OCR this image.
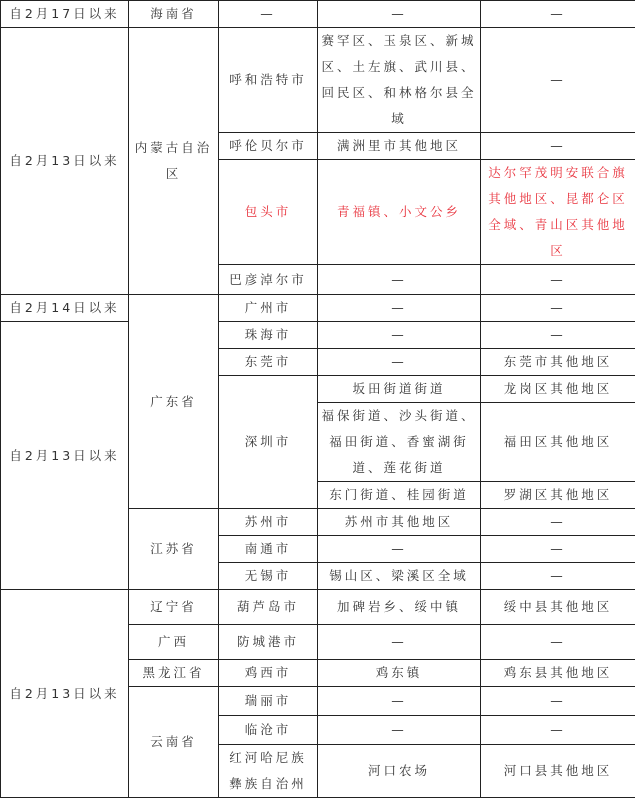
自2月17日以来	海南省	—	—	—
自2月13日以来	内蒙古自治区	呼和浩特市	赛罕区、玉泉区、新城区、土左旗、武川县、回民区、和林格尔县全域	—
		呼伦贝尔市	满洲里市其他地区	—
		包头市	青福镇、小文公乡	达尔罕茂明安联合旗其他地区、昆都仑区全域、青山区其他地区
		巴彦淖尔市	—	—
自2月14日以来	广东省	广州市	—	—
自2月13日以来		珠海市	—	—
		东莞市	—	东莞市其他地区
		深圳市	坂田街道街道	龙岗区其他地区
			福保街道、沙头街道、福田街道、香蜜湖街道、莲花街道	福田区其他地区
			东门街道、桂园街道	罗湖区其他地区
	江苏省	苏州市	苏州市其他地区	—
		南通市	—	—
		无锡市	锡山区、梁溪区全域	—
自2月13日以来	辽宁省	葫芦岛市	加碑岩乡、绥中镇	绥中县其他地区
	广西	防城港市	—	—
	黑龙江省	鸡西市	鸡东镇	鸡东县其他地区
	云南省	瑞丽市	—	—
		临沧市	—	—
		红河哈尼族彝族自治州	河口农场	河口县其他地区
